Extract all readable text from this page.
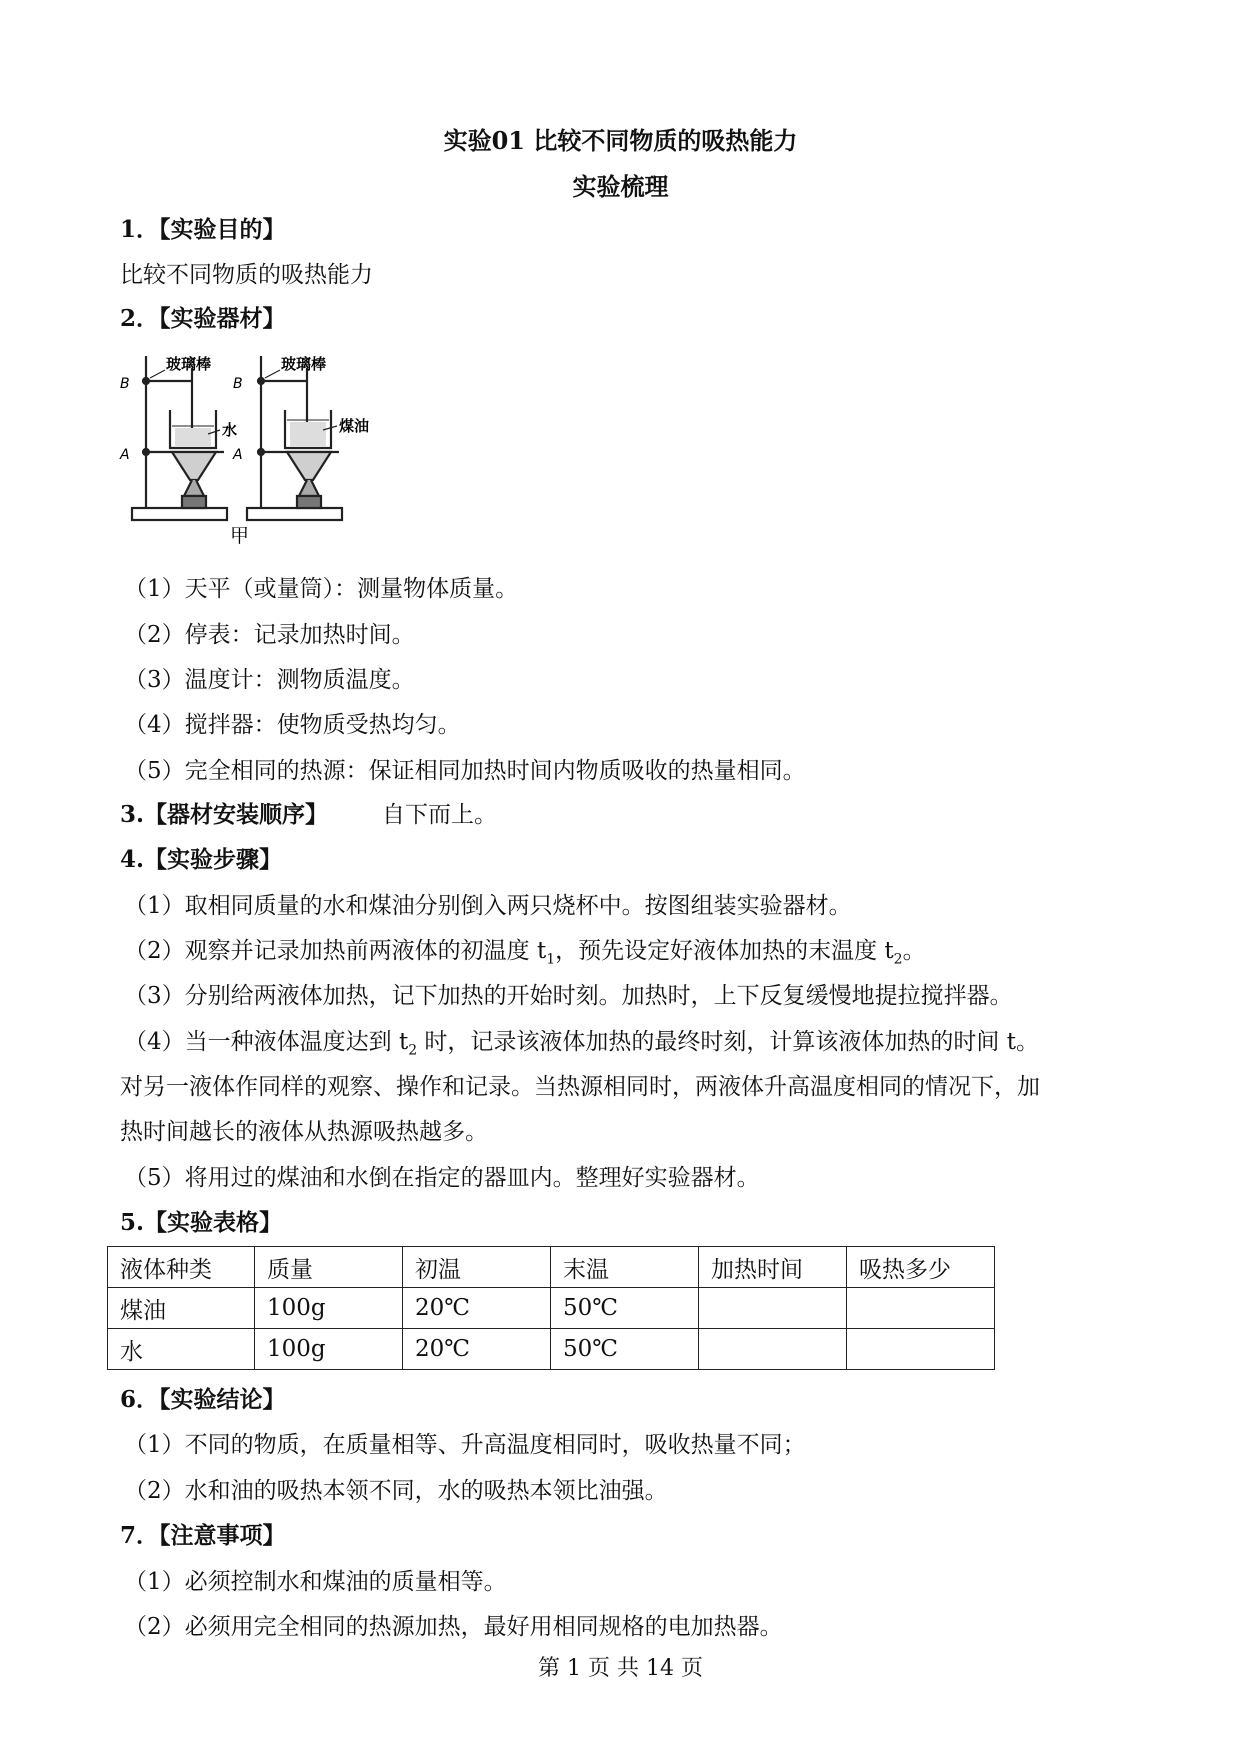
实验01 比较不同物质的吸热能力
实验梳理
1．【实验目的】
比较不同物质的吸热能力
2．【实验器材】
B
A
B
A
玻璃棒	玻璃棒
水	煤油
甲
（1）天平（或量筒）：测量物体质量。
（2）停表：记录加热时间。
（3）温度计：测物质温度。
（4）搅拌器：使物质受热均匀。
（5）完全相同的热源：保证相同加热时间内物质吸收的热量相同。
3.【器材安装顺序】 自下而上。
4.【实验步骤】
（1）取相同质量的水和煤油分别倒入两只烧杯中。按图组装实验器材。
（2）观察并记录加热前两液体的初温度 $t_1$，预先设定好液体加热的末温度 $t_2$。
（3）分别给两液体加热，记下加热的开始时刻。加热时，上下反复缓慢地提拉搅拌器。
（4）当一种液体温度达到 $t_2$ 时，记录该液体加热的最终时刻，计算该液体加热的时间 t。
对另一液体作同样的观察、操作和记录。当热源相同时，两液体升高温度相同的情况下，加
热时间越长的液体从热源吸热越多。
（5）将用过的煤油和水倒在指定的器皿内。整理好实验器材。
5.【实验表格】
液体种类	质量	初温	末温	加热时间	吸热多少
煤油	100g	20℃	50℃		
水	100g	20℃	50℃		
6．【实验结论】
（1）不同的物质，在质量相等、升高温度相同时，吸收热量不同；
（2）水和油的吸热本领不同，水的吸热本领比油强。
7．【注意事项】
（1）必须控制水和煤油的质量相等。
（2）必须用完全相同的热源加热，最好用相同规格的电加热器。
第 1 页 共 14 页
